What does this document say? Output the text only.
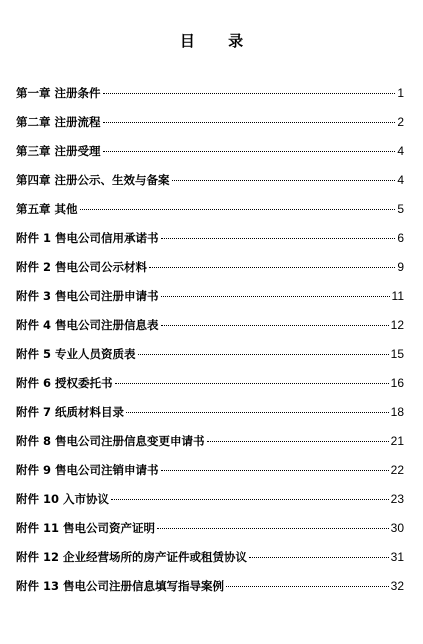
目 录
第一章 注册条件	1
第二章 注册流程	2
第三章 注册受理	4
第四章 注册公示、生效与备案	4
第五章 其他	5
附件 1 售电公司信用承诺书	6
附件 2 售电公司公示材料	9
附件 3 售电公司注册申请书	11
附件 4 售电公司注册信息表	12
附件 5 专业人员资质表	15
附件 6 授权委托书	16
附件 7 纸质材料目录	18
附件 8 售电公司注册信息变更申请书	21
附件 9 售电公司注销申请书	22
附件 10 入市协议	23
附件 11 售电公司资产证明	30
附件 12 企业经营场所的房产证件或租赁协议	31
附件 13 售电公司注册信息填写指导案例	32
